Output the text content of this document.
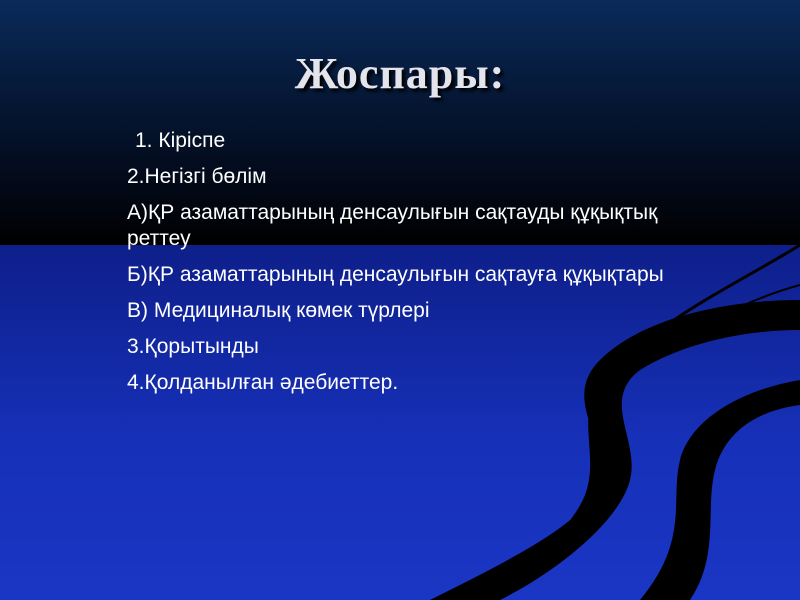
Жоспары:
1. Кіріспе
2.Негізгі бөлім
А)ҚР азаматтарының денсаулығын сақтауды құқықтық реттеу
Б)ҚР азаматтарының денсаулығын сақтауға құқықтары
В) Медициналық көмек түрлері
3.Қорытынды
4.Қолданылған әдебиеттер.
